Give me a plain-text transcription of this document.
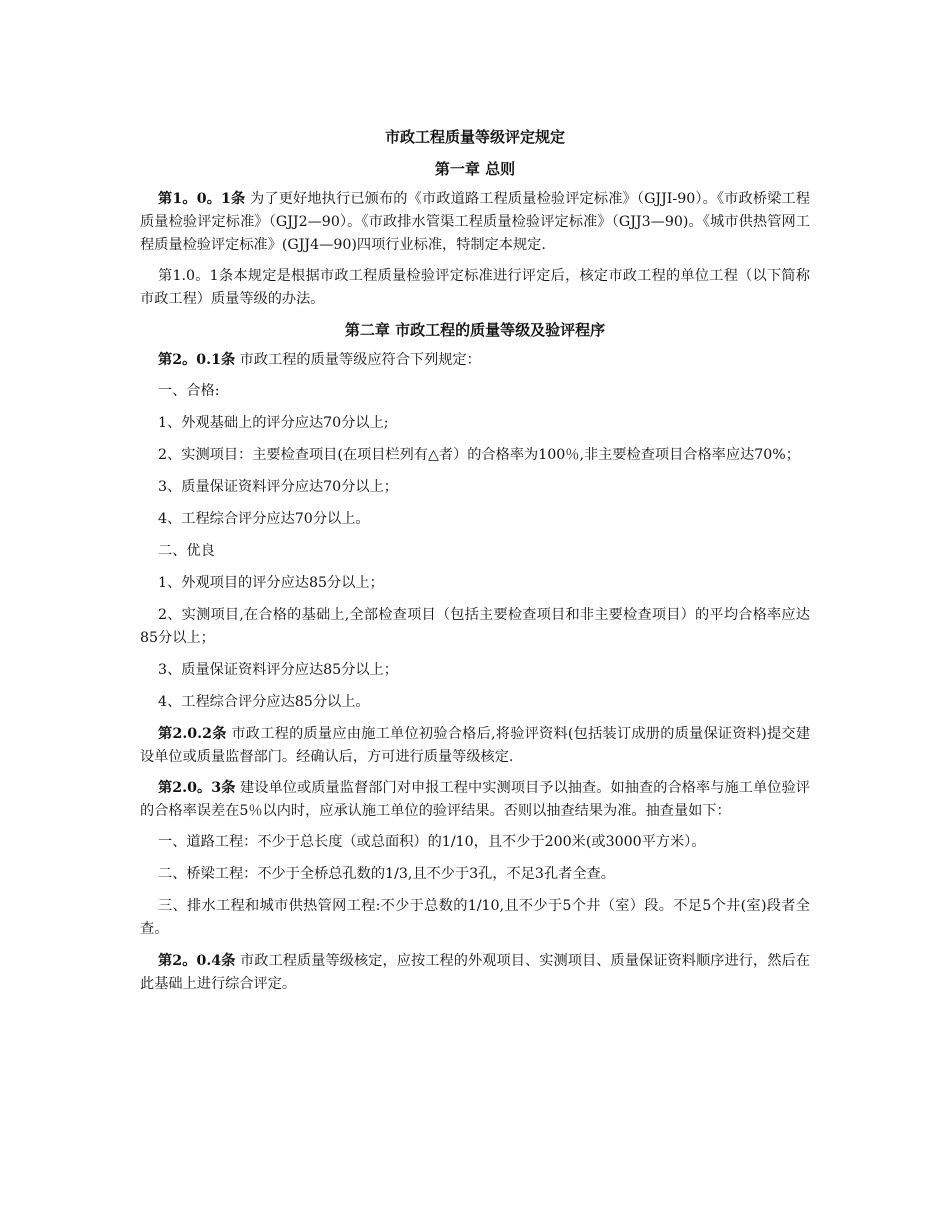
市政工程质量等级评定规定
第一章 总则

第1。0。1条 为了更好地执行已颁布的《市政道路工程质量检验评定标准》（GJJI-90）。《市政桥梁工程质量检验评定标准》（GJJ2—90）。《市政排水管渠工程质量检验评定标准》（GJJ3—90)。《城市供热管网工程质量检验评定标准》(GJJ4—90)四项行业标准，特制定本规定.

第1.0。1条本规定是根据市政工程质量检验评定标准进行评定后，核定市政工程的单位工程（以下简称市政工程）质量等级的办法。

第二章 市政工程的质量等级及验评程序

第2。0.1条 市政工程的质量等级应符合下列规定：

一、合格:

1、外观基础上的评分应达70分以上;

2、实测项目：主要检查项目(在项目栏列有△者）的合格率为100％,非主要检查项目合格率应达70%；

3、质量保证资料评分应达70分以上；

4、工程综合评分应达70分以上。

二、优良

1、外观项目的评分应达85分以上；

2、实测项目,在合格的基础上,全部检查项目（包括主要检查项目和非主要检查项目）的平均合格率应达85分以上；

3、质量保证资料评分应达85分以上；

4、工程综合评分应达85分以上。

第2.0.2条 市政工程的质量应由施工单位初验合格后,将验评资料(包括装订成册的质量保证资料)提交建设单位或质量监督部门。经确认后，方可进行质量等级核定.

第2.0。3条 建设单位或质量监督部门对申报工程中实测项目予以抽查。如抽查的合格率与施工单位验评的合格率误差在5％以内时，应承认施工单位的验评结果。否则以抽查结果为准。抽查量如下：

一、道路工程：不少于总长度（或总面积）的1/10，且不少于200米(或3000平方米）。

二、桥梁工程：不少于全桥总孔数的1/3,且不少于3孔，不足3孔者全查。

三、排水工程和城市供热管网工程:不少于总数的1/10,且不少于5个井（室）段。不足5个井(室)段者全查。

第2。0.4条 市政工程质量等级核定，应按工程的外观项目、实测项目、质量保证资料顺序进行，然后在此基础上进行综合评定。
